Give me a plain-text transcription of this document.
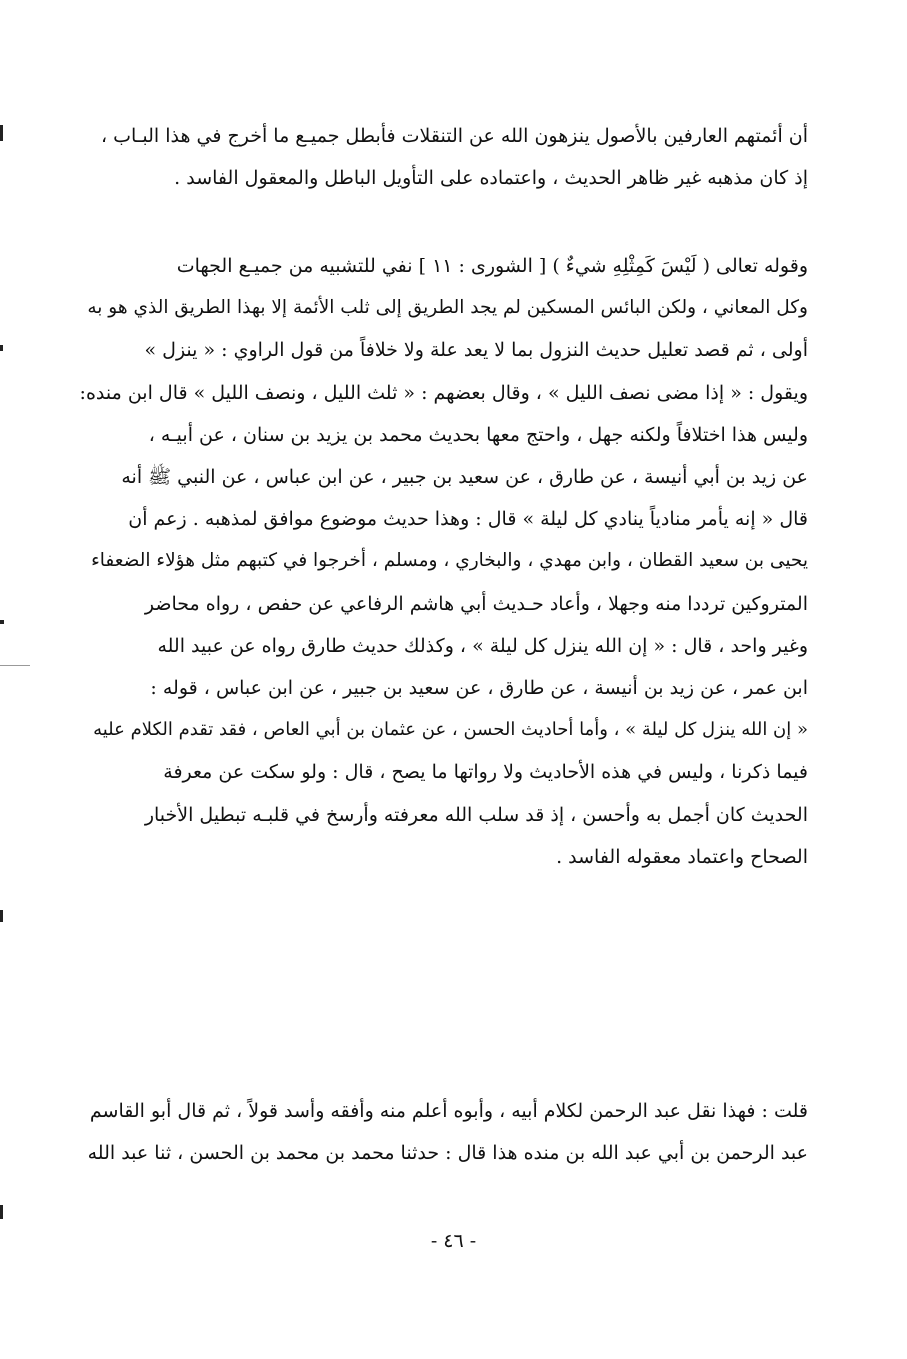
أن أئمتهم العارفين بالأصول ينزهون الله عن التنقلات فأبطل جميـع ما أخرج في هذا البـاب ،
إذ كان مذهبه غير ظاهر الحديث ، واعتماده على التأويل الباطل والمعقول الفاسد .
وقوله تعالى ( لَيْسَ كَمِثْلِهِ شيءٌ ) [ الشورى : ١١ ] نفي للتشبيه من جميـع الجهات
وكل المعاني ، ولكن البائس المسكين لم يجد الطريق إلى ثلب الأئمة إلا بهذا الطريق الذي هو به
أولى ، ثم قصد تعليل حديث النزول بما لا يعد علة ولا خلافاً من قول الراوي : « ينزل »
ويقول : « إذا مضى نصف الليل » ، وقال بعضهم : « ثلث الليل ، ونصف الليل » قال ابن منده:
وليس هذا اختلافاً ولكنه جهل ، واحتج معها بحديث محمد بن يزيد بن سنان ، عن أبيـه ،
عن زيد بن أبي أنيسة ، عن طارق ، عن سعيد بن جبير ، عن ابن عباس ، عن النبي ﷺ أنه
قال « إنه يأمر منادياً ينادي كل ليلة » قال : وهذا حديث موضوع موافق لمذهبه . زعم أن
يحيى بن سعيد القطان ، وابن مهدي ، والبخاري ، ومسلم ، أخرجوا في كتبهم مثل هؤلاء الضعفاء
المتروكين ترددا منه وجهلا ، وأعاد حـديث أبي هاشم الرفاعي عن حفص ، رواه محاضر
وغير واحد ، قال : « إن الله ينزل كل ليلة » ، وكذلك حديث طارق رواه عن عبيد الله
ابن عمر ، عن زيد بن أنيسة ، عن طارق ، عن سعيد بن جبير ، عن ابن عباس ، قوله :
« إن الله ينزل كل ليلة » ، وأما أحاديث الحسن ، عن عثمان بن أبي العاص ، فقد تقدم الكلام عليه
فيما ذكرنا ، وليس في هذه الأحاديث ولا رواتها ما يصح ، قال : ولو سكت عن معرفة
الحديث كان أجمل به وأحسن ، إذ قد سلب الله معرفته وأرسخ في قلبـه تبطيل الأخبار
الصحاح واعتماد معقوله الفاسد .
قلت : فهذا نقل عبد الرحمن لكلام أبيه ، وأبوه أعلم منه وأفقه وأسد قولاً ، ثم قال أبو القاسم
عبد الرحمن بن أبي عبد الله بن منده هذا قال : حدثنا محمد بن محمد بن الحسن ، ثنا عبد الله
- ٤٦ -
